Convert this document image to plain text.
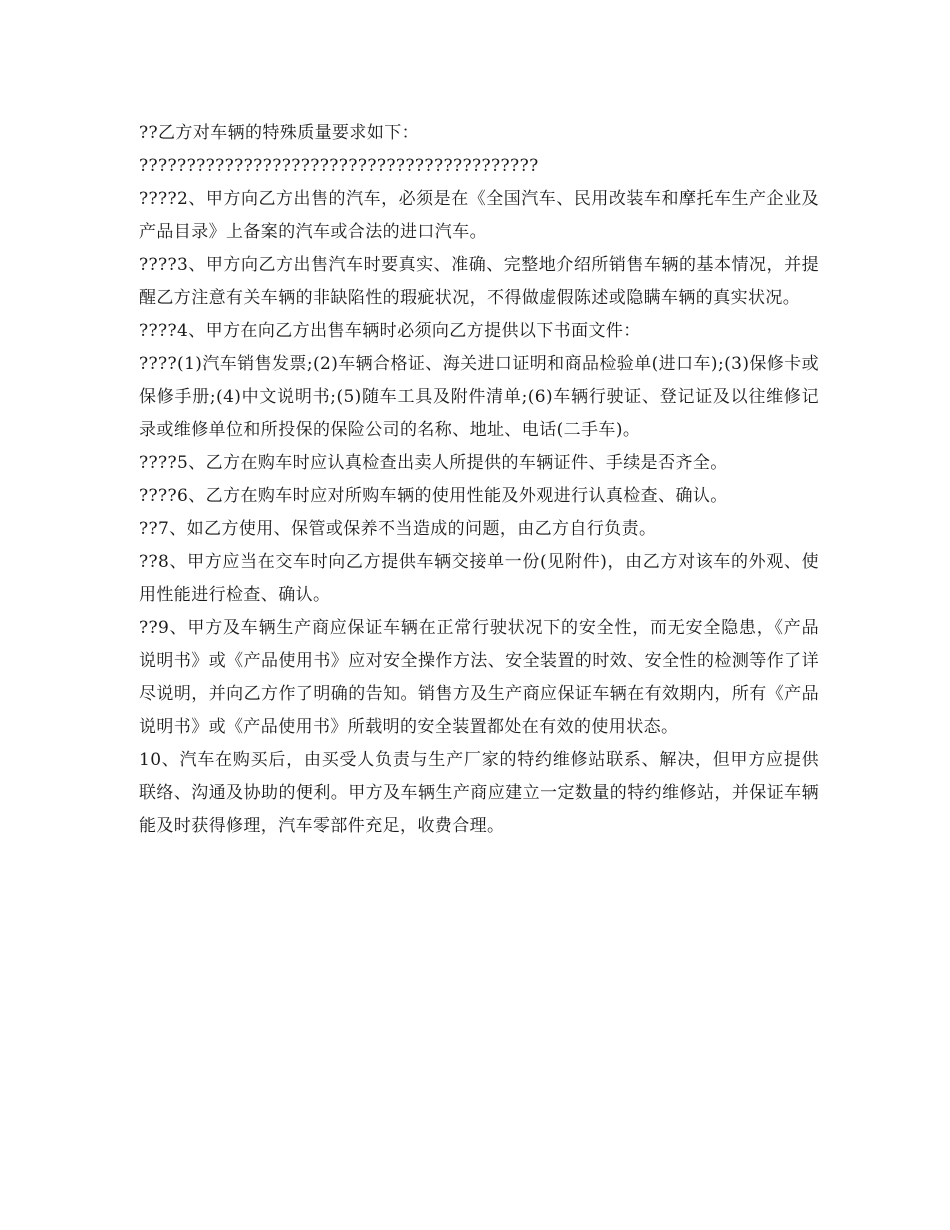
??乙方对车辆的特殊质量要求如下：

??????????????????????????????????????????

????2、甲方向乙方出售的汽车，必须是在《全国汽车、民用改装车和摩托车生产企业及产品目录》上备案的汽车或合法的进口汽车。

????3、甲方向乙方出售汽车时要真实、准确、完整地介绍所销售车辆的基本情况，并提醒乙方注意有关车辆的非缺陷性的瑕疵状况，不得做虚假陈述或隐瞒车辆的真实状况。

????4、甲方在向乙方出售车辆时必须向乙方提供以下书面文件：

????(1)汽车销售发票;(2)车辆合格证、海关进口证明和商品检验单(进口车);(3)保修卡或保修手册;(4)中文说明书;(5)随车工具及附件清单;(6)车辆行驶证、登记证及以往维修记录或维修单位和所投保的保险公司的名称、地址、电话(二手车)。

????5、乙方在购车时应认真检查出卖人所提供的车辆证件、手续是否齐全。

????6、乙方在购车时应对所购车辆的使用性能及外观进行认真检查、确认。

??7、如乙方使用、保管或保养不当造成的问题，由乙方自行负责。

??8、甲方应当在交车时向乙方提供车辆交接单一份(见附件)，由乙方对该车的外观、使用性能进行检查、确认。

??9、甲方及车辆生产商应保证车辆在正常行驶状况下的安全性，而无安全隐患，《产品说明书》或《产品使用书》应对安全操作方法、安全装置的时效、安全性的检测等作了详尽说明，并向乙方作了明确的告知。销售方及生产商应保证车辆在有效期内，所有《产品说明书》或《产品使用书》所载明的安全装置都处在有效的使用状态。

10、汽车在购买后，由买受人负责与生产厂家的特约维修站联系、解决，但甲方应提供联络、沟通及协助的便利。甲方及车辆生产商应建立一定数量的特约维修站，并保证车辆能及时获得修理，汽车零部件充足，收费合理。
